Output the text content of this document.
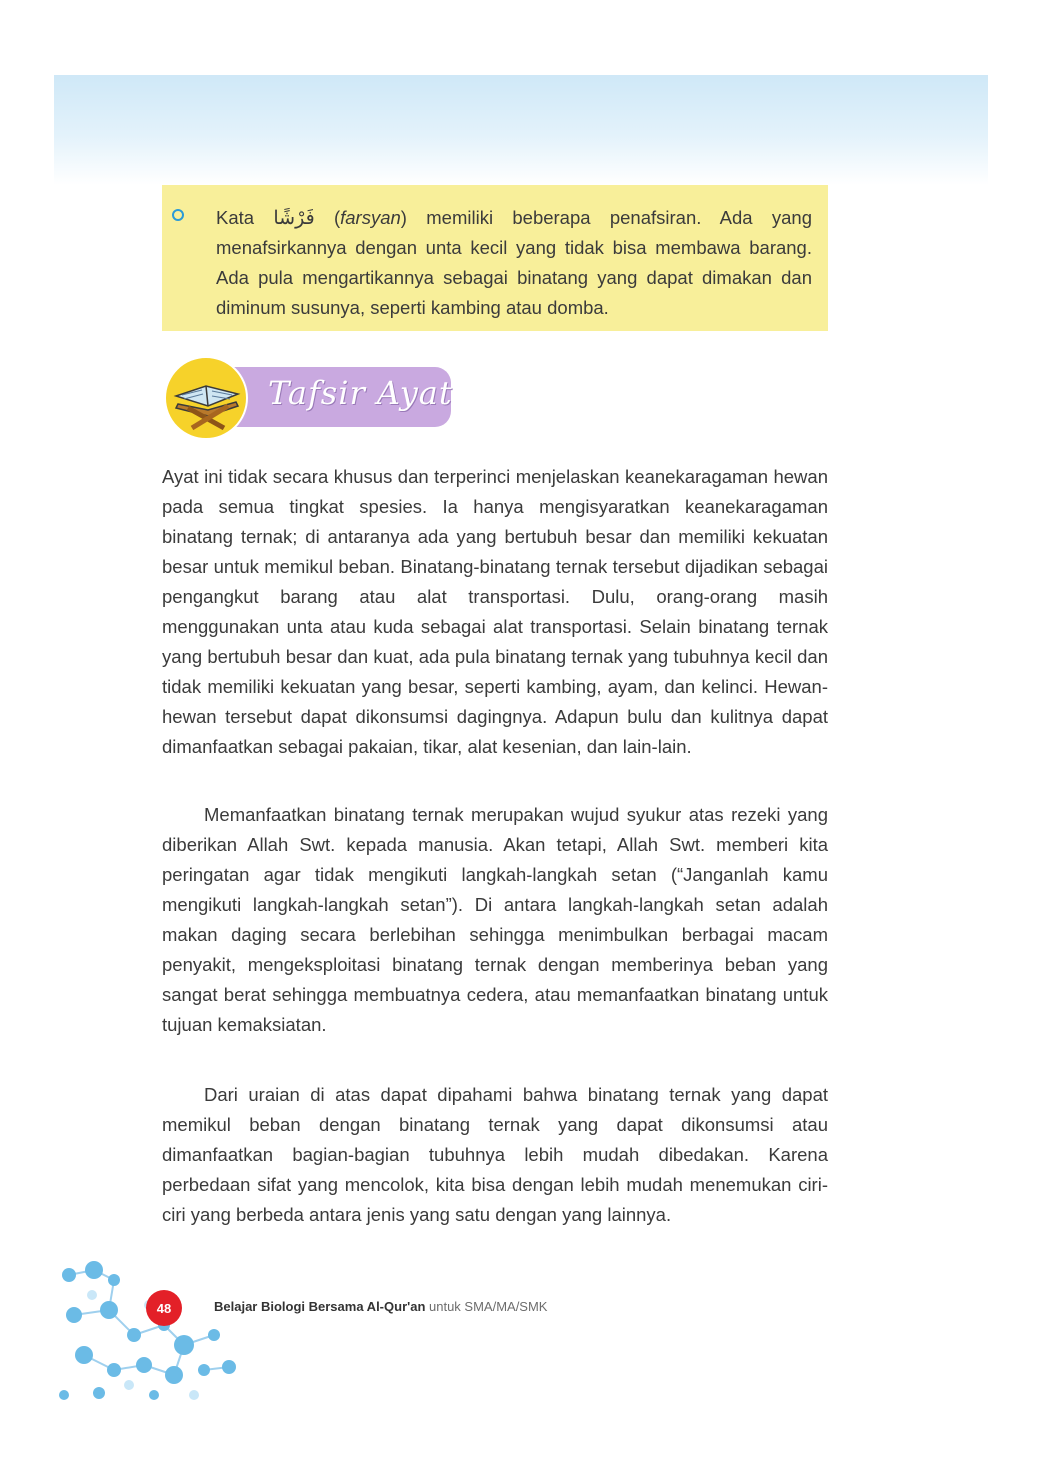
Kata فَرْشًا (farsyan) memiliki beberapa penafsiran. Ada yang menafsirkannya dengan unta kecil yang tidak bisa membawa barang. Ada pula mengartikannya sebagai binatang yang dapat dimakan dan diminum susunya, seperti kambing atau domba.

Tafsir Ayat

Ayat ini tidak secara khusus dan terperinci menjelaskan keanekaragaman hewan pada semua tingkat spesies. Ia hanya mengisyaratkan keanekaragaman binatang ternak; di antaranya ada yang bertubuh besar dan memiliki kekuatan besar untuk memikul beban. Binatang-binatang ternak tersebut dijadikan sebagai pengangkut barang atau alat transportasi. Dulu, orang-orang masih menggunakan unta atau kuda sebagai alat transportasi. Selain binatang ternak yang bertubuh besar dan kuat, ada pula binatang ternak yang tubuhnya kecil dan tidak memiliki kekuatan yang besar, seperti kambing, ayam, dan kelinci. Hewan-hewan tersebut dapat dikonsumsi dagingnya. Adapun bulu dan kulitnya dapat dimanfaatkan sebagai pakaian, tikar, alat kesenian, dan lain-lain.

Memanfaatkan binatang ternak merupakan wujud syukur atas rezeki yang diberikan Allah Swt. kepada manusia. Akan tetapi, Allah Swt. memberi kita peringatan agar tidak mengikuti langkah-langkah setan (“Janganlah kamu mengikuti langkah-langkah setan”). Di antara langkah-langkah setan adalah makan daging secara berlebihan sehingga menimbulkan berbagai macam penyakit, mengeksploitasi binatang ternak dengan memberinya beban yang sangat berat sehingga membuatnya cedera, atau memanfaatkan binatang untuk tujuan kemaksiatan.

Dari uraian di atas dapat dipahami bahwa binatang ternak yang dapat memikul beban dengan binatang ternak yang dapat dikonsumsi atau dimanfaatkan bagian-bagian tubuhnya lebih mudah dibedakan. Karena perbedaan sifat yang mencolok, kita bisa dengan lebih mudah menemukan ciri-ciri yang berbeda antara jenis yang satu dengan yang lainnya.

48	Belajar Biologi Bersama Al-Qur'an untuk SMA/MA/SMK
